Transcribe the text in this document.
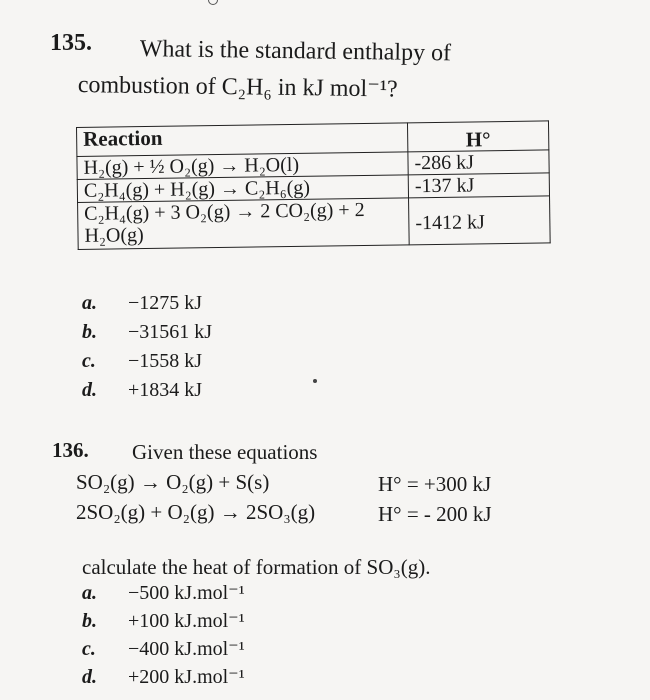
135. What is the standard enthalpy of
combustion of C₂H₆ in kJ mol⁻¹?
Reaction	H°
H₂(g) + ½ O₂(g) → H₂O(l)	-286 kJ
C₂H₄(g) + H₂(g) → C₂H₆(g)	-137 kJ
C₂H₄(g) + 3 O₂(g) → 2 CO₂(g) + 2 H₂O(g)	-1412 kJ
a. −1275 kJ
b. −31561 kJ
c. −1558 kJ
d. +1834 kJ
136. Given these equations
SO₂(g) → O₂(g) + S(s)	H° = +300 kJ
2SO₂(g) + O₂(g) → 2SO₃(g)	H° = - 200 kJ
calculate the heat of formation of SO₃(g).
a. −500 kJ.mol⁻¹
b. +100 kJ.mol⁻¹
c. −400 kJ.mol⁻¹
d. +200 kJ.mol⁻¹
